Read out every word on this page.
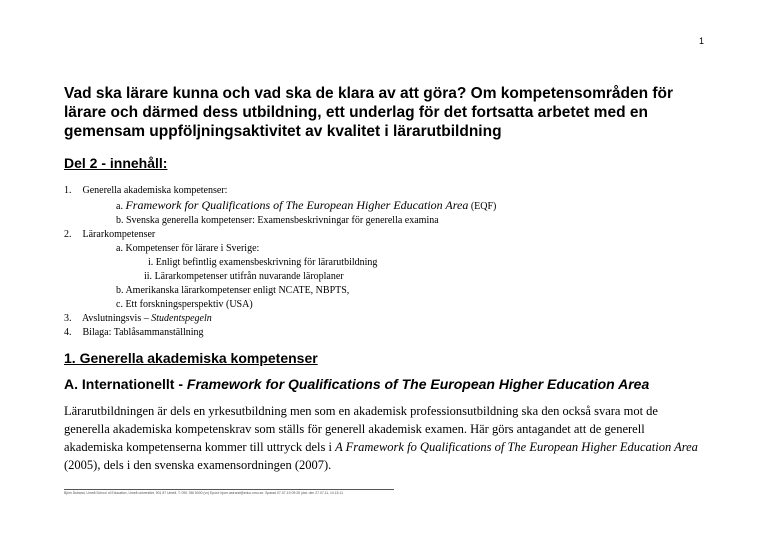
1
Vad ska lärare kunna och vad ska de klara av att göra? Om kompetensområden för lärare och därmed dess utbildning, ett underlag för det fortsatta arbetet med en gemensam uppföljningsaktivitet av kvalitet i lärarutbildning
Del 2 - innehåll:
1. Generella akademiska kompetenser:
a. Framework for Qualifications of The European Higher Education Area (EQF)
b. Svenska generella kompetenser: Examensbeskrivningar för generella examina
2. Lärarkompetenser
a. Kompetenser för lärare i Sverige:
i. Enligt befintlig examensbeskrivning för lärarutbildning
ii. Lärarkompetenser utifrån nuvarande läroplaner
b. Amerikanska lärarkompetenser enligt NCATE, NBPTS,
c. Ett forskningsperspektiv (USA)
3. Avslutningsvis – Studentspegeln
4. Bilaga: Tablåsammanställning
1. Generella akademiska kompetenser
A. Internationellt - Framework for Qualifications of The European Higher Education Area

Lärarutbildningen är dels en yrkesutbildning men som en akademisk professionsutbildning ska den också svara mot de generella akademiska kompetenskrav som ställs för generell akademisk examen. Här görs antagandet att de generell akademiska kompetenserna kommer till uttryck dels i A Framework fo Qualifications of The European Higher Education Area (2005), dels i den svenska examensordningen (2007).

Björn Åstrand, Umeå School of Education, Umeå universitet, 901 87 Umeå. T: 090-786 5000 (vx) Epost: bjorn.astrand@educ.umu.se. Sparad 07-07-19 09:26 (dat. den 27.07.11, 10.15.11
